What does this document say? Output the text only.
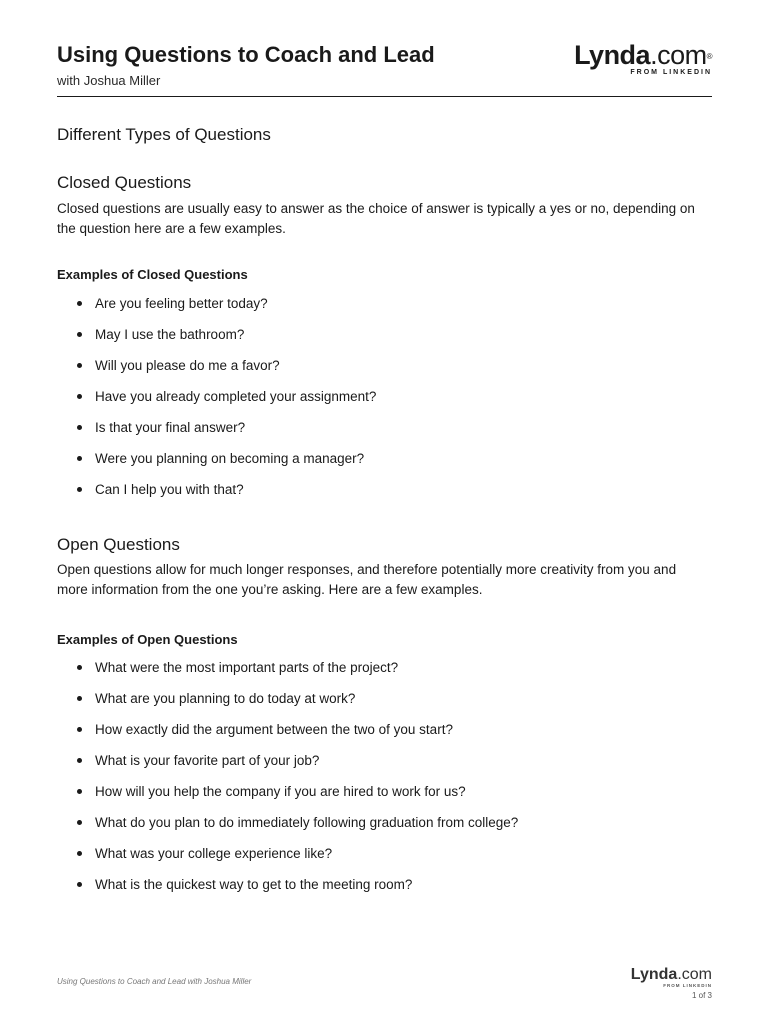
Using Questions to Coach and Lead
with Joshua Miller
Lynda.com®
FROM LINKEDIN
Different Types of Questions
Closed Questions
Closed questions are usually easy to answer as the choice of answer is typically a yes or no, depending on the question here are a few examples.
Examples of Closed Questions
Are you feeling better today?
May I use the bathroom?
Will you please do me a favor?
Have you already completed your assignment?
Is that your final answer?
Were you planning on becoming a manager?
Can I help you with that?
Open Questions
Open questions allow for much longer responses, and therefore potentially more creativity from you and more information from the one you’re asking. Here are a few examples.
Examples of Open Questions
What were the most important parts of the project?
What are you planning to do today at work?
How exactly did the argument between the two of you start?
What is your favorite part of your job?
How will you help the company if you are hired to work for us?
What do you plan to do immediately following graduation from college?
What was your college experience like?
What is the quickest way to get to the meeting room?
Using Questions to Coach and Lead with Joshua Miller	Lynda.com
FROM LINKEDIN
1 of 3
